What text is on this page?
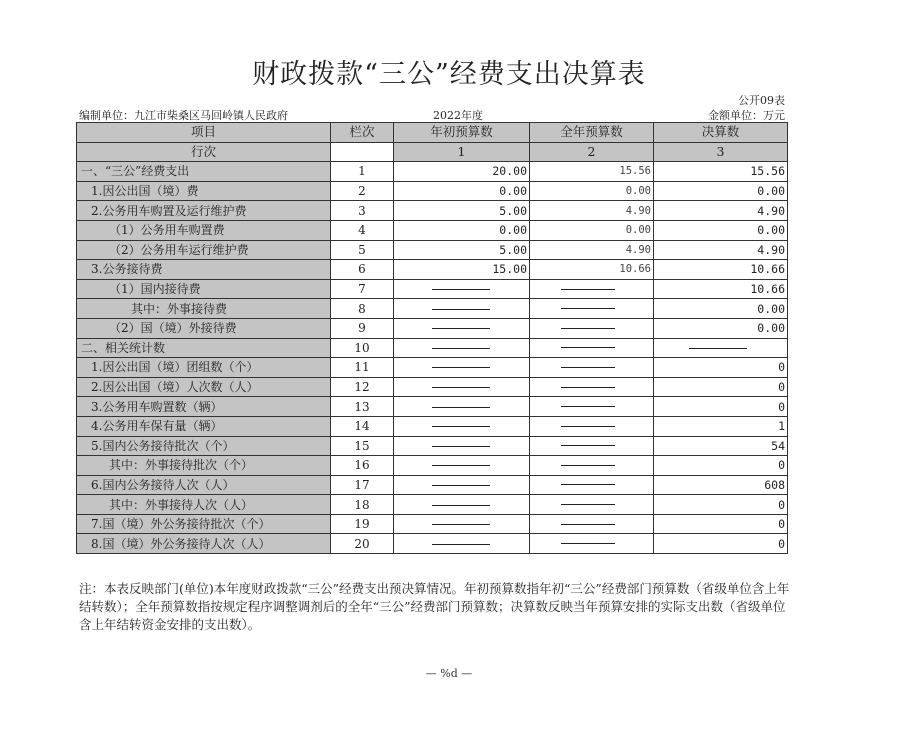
财政拨款“三公”经费支出决算表
公开09表
编制单位：九江市柴桑区马回岭镇人民政府	2022年度	金额单位：万元
项目	栏次	年初预算数	全年预算数	决算数
行次		1	2	3
一、“三公”经费支出	1	20.00	15.56	15.56
1.因公出国（境）费	2	0.00	0.00	0.00
2.公务用车购置及运行维护费	3	5.00	4.90	4.90
（1）公务用车购置费	4	0.00	0.00	0.00
（2）公务用车运行维护费	5	5.00	4.90	4.90
3.公务接待费	6	15.00	10.66	10.66
（1）国内接待费	7			10.66
其中：外事接待费	8			0.00
（2）国（境）外接待费	9			0.00
二、相关统计数	10			
1.因公出国（境）团组数（个）	11			0
2.因公出国（境）人次数（人）	12			0
3.公务用车购置数（辆）	13			0
4.公务用车保有量（辆）	14			1
5.国内公务接待批次（个）	15			54
其中：外事接待批次（个）	16			0
6.国内公务接待人次（人）	17			608
其中：外事接待人次（人）	18			0
7.国（境）外公务接待批次（个）	19			0
8.国（境）外公务接待人次（人）	20			0
注：本表反映部门(单位)本年度财政拨款“三公”经费支出预决算情况。年初预算数指年初“三公”经费部门预算数（省级单位含上年结转数）；全年预算数指按规定程序调整调剂后的全年“三公”经费部门预算数；决算数反映当年预算安排的实际支出数（省级单位含上年结转资金安排的支出数）。
— %d —
